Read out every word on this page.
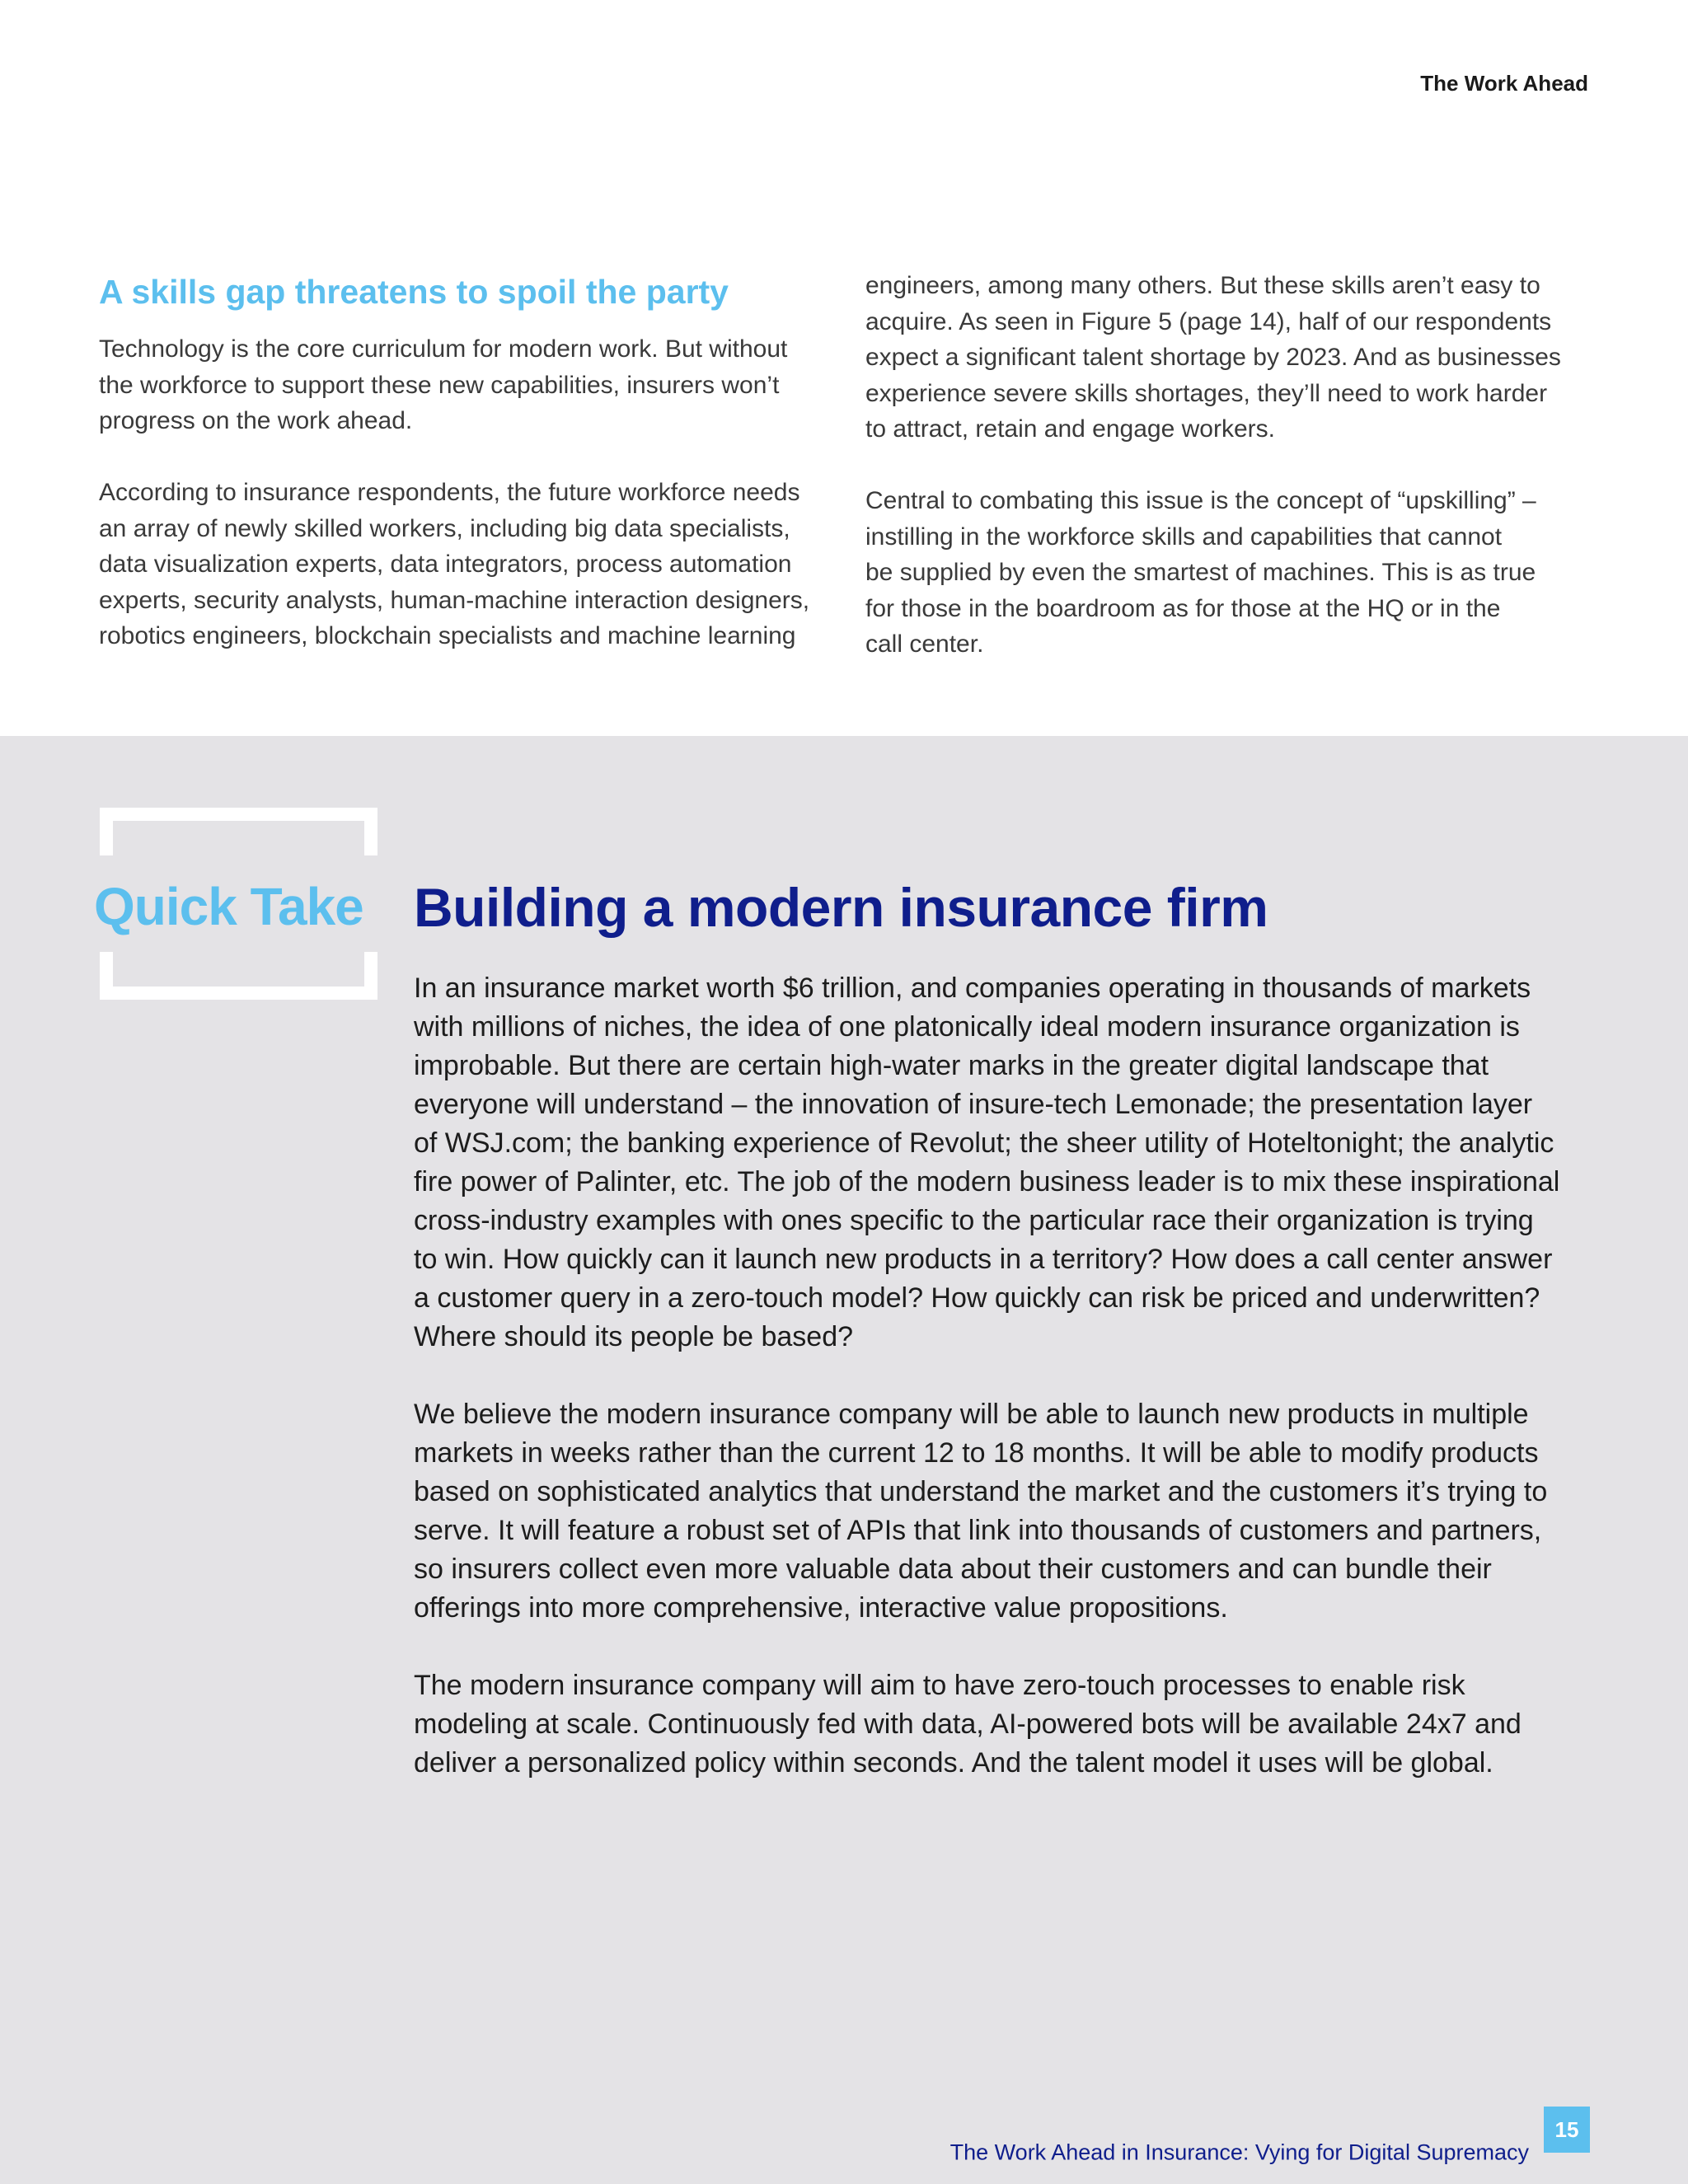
The Work Ahead
A skills gap threatens to spoil the party

Technology is the core curriculum for modern work. But without
the workforce to support these new capabilities, insurers won’t
progress on the work ahead.

According to insurance respondents, the future workforce needs
an array of newly skilled workers, including big data specialists,
data visualization experts, data integrators, process automation
experts, security analysts, human-machine interaction designers,
robotics engineers, blockchain specialists and machine learning

engineers, among many others. But these skills aren’t easy to
acquire. As seen in Figure 5 (page 14), half of our respondents
expect a significant talent shortage by 2023. And as businesses
experience severe skills shortages, they’ll need to work harder
to attract, retain and engage workers.

Central to combating this issue is the concept of “upskilling” –
instilling in the workforce skills and capabilities that cannot
be supplied by even the smartest of machines. This is as true
for those in the boardroom as for those at the HQ or in the
call center.

Quick Take Building a modern insurance firm

In an insurance market worth $6 trillion, and companies operating in thousands of markets
with millions of niches, the idea of one platonically ideal modern insurance organization is
improbable. But there are certain high-water marks in the greater digital landscape that
everyone will understand – the innovation of insure-tech Lemonade; the presentation layer
of WSJ.com; the banking experience of Revolut; the sheer utility of Hoteltonight; the analytic
fire power of Palinter, etc. The job of the modern business leader is to mix these inspirational
cross-industry examples with ones specific to the particular race their organization is trying
to win. How quickly can it launch new products in a territory? How does a call center answer
a customer query in a zero-touch model? How quickly can risk be priced and underwritten?
Where should its people be based?

We believe the modern insurance company will be able to launch new products in multiple
markets in weeks rather than the current 12 to 18 months. It will be able to modify products
based on sophisticated analytics that understand the market and the customers it’s trying to
serve. It will feature a robust set of APIs that link into thousands of customers and partners,
so insurers collect even more valuable data about their customers and can bundle their
offerings into more comprehensive, interactive value propositions.

The modern insurance company will aim to have zero-touch processes to enable risk
modeling at scale. Continuously fed with data, AI-powered bots will be available 24x7 and
deliver a personalized policy within seconds. And the talent model it uses will be global.

The Work Ahead in Insurance: Vying for Digital Supremacy
15
